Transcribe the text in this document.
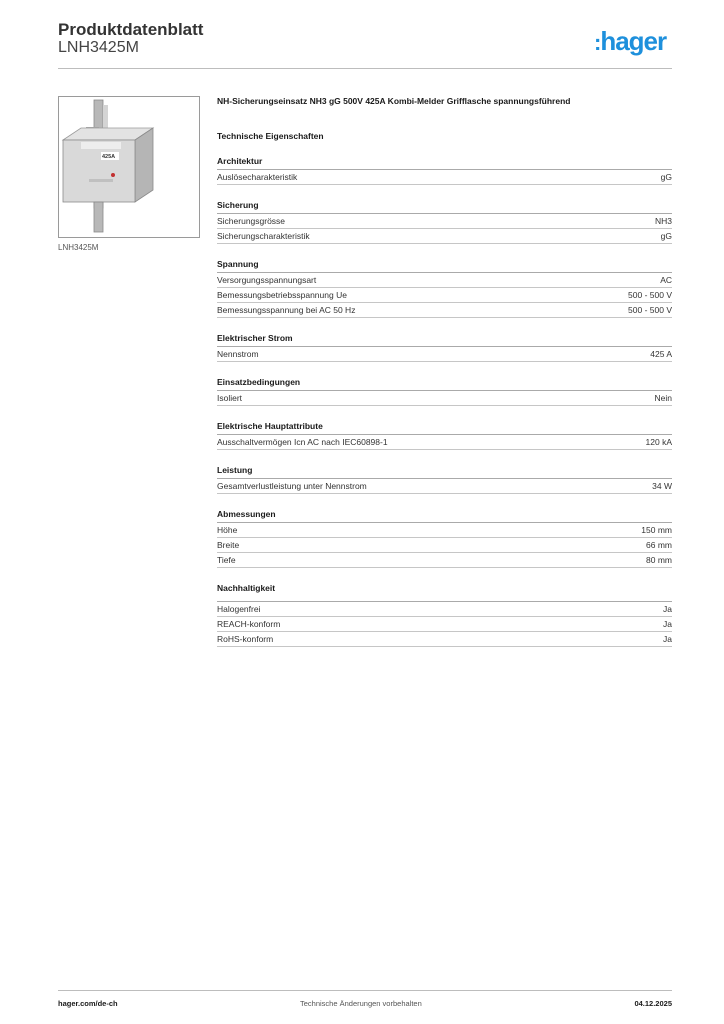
Produktdatenblatt
LNH3425M	:hager
425A
LNH3425M
NH-Sicherungseinsatz NH3 gG 500V 425A Kombi-Melder Grifflasche spannungsführend
Technische Eigenschaften
Architektur
Auslösecharakteristik	gG
Sicherung
Sicherungsgrösse	NH3
Sicherungscharakteristik	gG
Spannung
Versorgungsspannungsart	AC
Bemessungsbetriebsspannung Ue	500 - 500 V
Bemessungsspannung bei AC 50 Hz	500 - 500 V
Elektrischer Strom
Nennstrom	425 A
Einsatzbedingungen
Isoliert	Nein
Elektrische Hauptattribute
Ausschaltvermögen Icn AC nach IEC60898-1	120 kA
Leistung
Gesamtverlustleistung unter Nennstrom	34 W
Abmessungen
Höhe	150 mm
Breite	66 mm
Tiefe	80 mm
Nachhaltigkeit
Halogenfrei	Ja
REACH-konform	Ja
RoHS-konform	Ja
hager.com/de-ch	Technische Änderungen vorbehalten	04.12.2025
